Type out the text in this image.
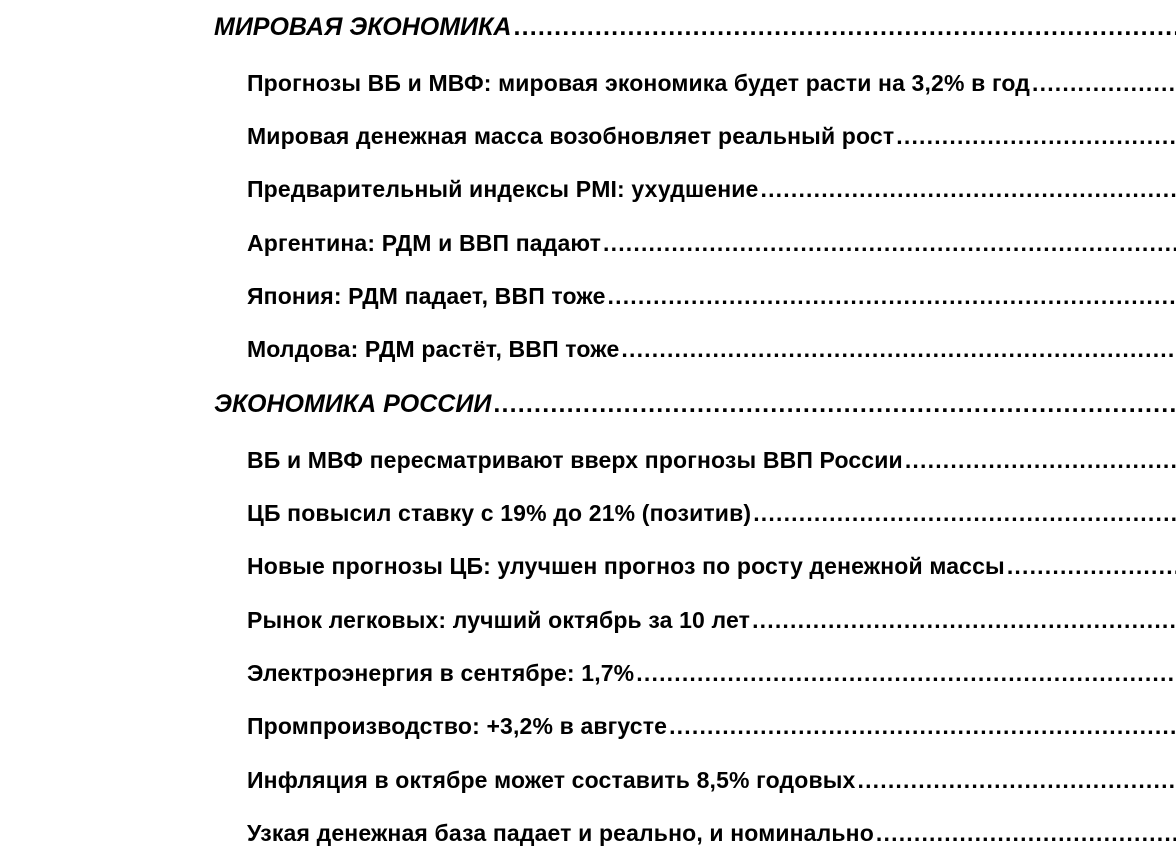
МИРОВАЯ ЭКОНОМИКА
.....
Прогнозы ВБ и МВФ: мировая экономика будет расти на 3,2% в год
.....
Мировая денежная масса возобновляет реальный рост
.....
Предварительный индексы PMI: ухудшение
.....
Аргентина: РДМ и ВВП падают
.....
Япония: РДМ падает, ВВП тоже
.....
Молдова: РДМ растёт, ВВП тоже
.....
ЭКОНОМИКА РОССИИ
.....
ВБ и МВФ пересматривают вверх прогнозы ВВП России
.....
ЦБ повысил ставку с 19% до 21% (позитив)
.....
Новые прогнозы ЦБ: улучшен прогноз по росту денежной массы
.....
Рынок легковых: лучший октябрь за 10 лет
.....
Электроэнергия в сентябре: 1,7%
.....
Промпроизводство: +3,2% в августе
.....
Инфляция в октябре может составить 8,5% годовых
.....
Узкая денежная база падает и реально, и номинально
.....
